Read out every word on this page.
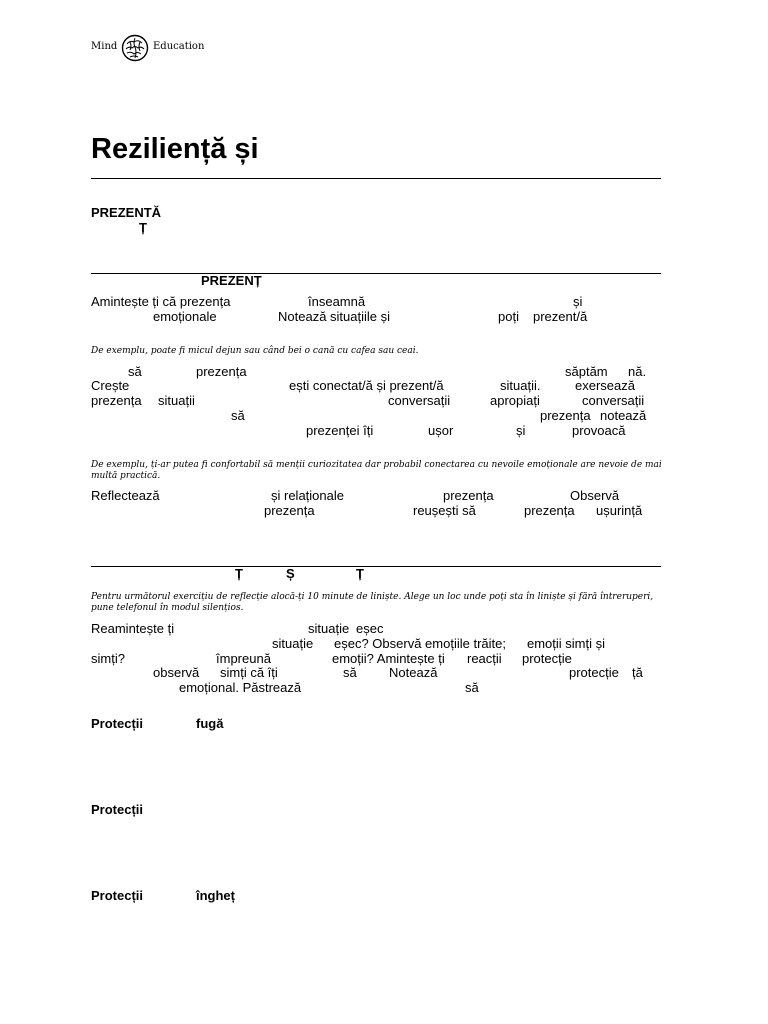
Mind	Education
Reziliență și
PREZENTĂ
Ț
PREZENȚ
Amintește ți că prezența	înseamnă	și
emoționale	Notează situațiile și	poți prezent/ă
De exemplu, poate fi micul dejun sau când bei o cană cu cafea sau ceai.
să	prezența	săptăm nă.
Crește	ești conectat/ă și prezent/ă	situații.	exersează
prezența situații	conversații	apropiați	conversații
să	prezența notează
prezenței îți	ușor	și	provoacă
De exemplu, ți-ar putea fi confortabil să menții curiozitatea dar probabil conectarea cu nevoile emoționale are nevoie de mai
multă practică.
Reflectează	și relaționale	prezența	Observă
prezența	reușești să	prezența ușurință
Ț	Ș	Ț
Pentru următorul exercițiu de reflecție alocă-ți 10 minute de liniște. Alege un loc unde poți sta în liniște și fără întreruperi,
pune telefonul în modul silențios.
Reamintește ți	situație eșec
situație eșec? Observă emoțiile trăite; emoții simți și
simți?	împreună	emoții? Amintește ți reacții protecție
observă simți că îți	să Notează	protecție ță
emoțional. Păstrează	să
Protecții	fugă
Protecții
Protecții	îngheț
